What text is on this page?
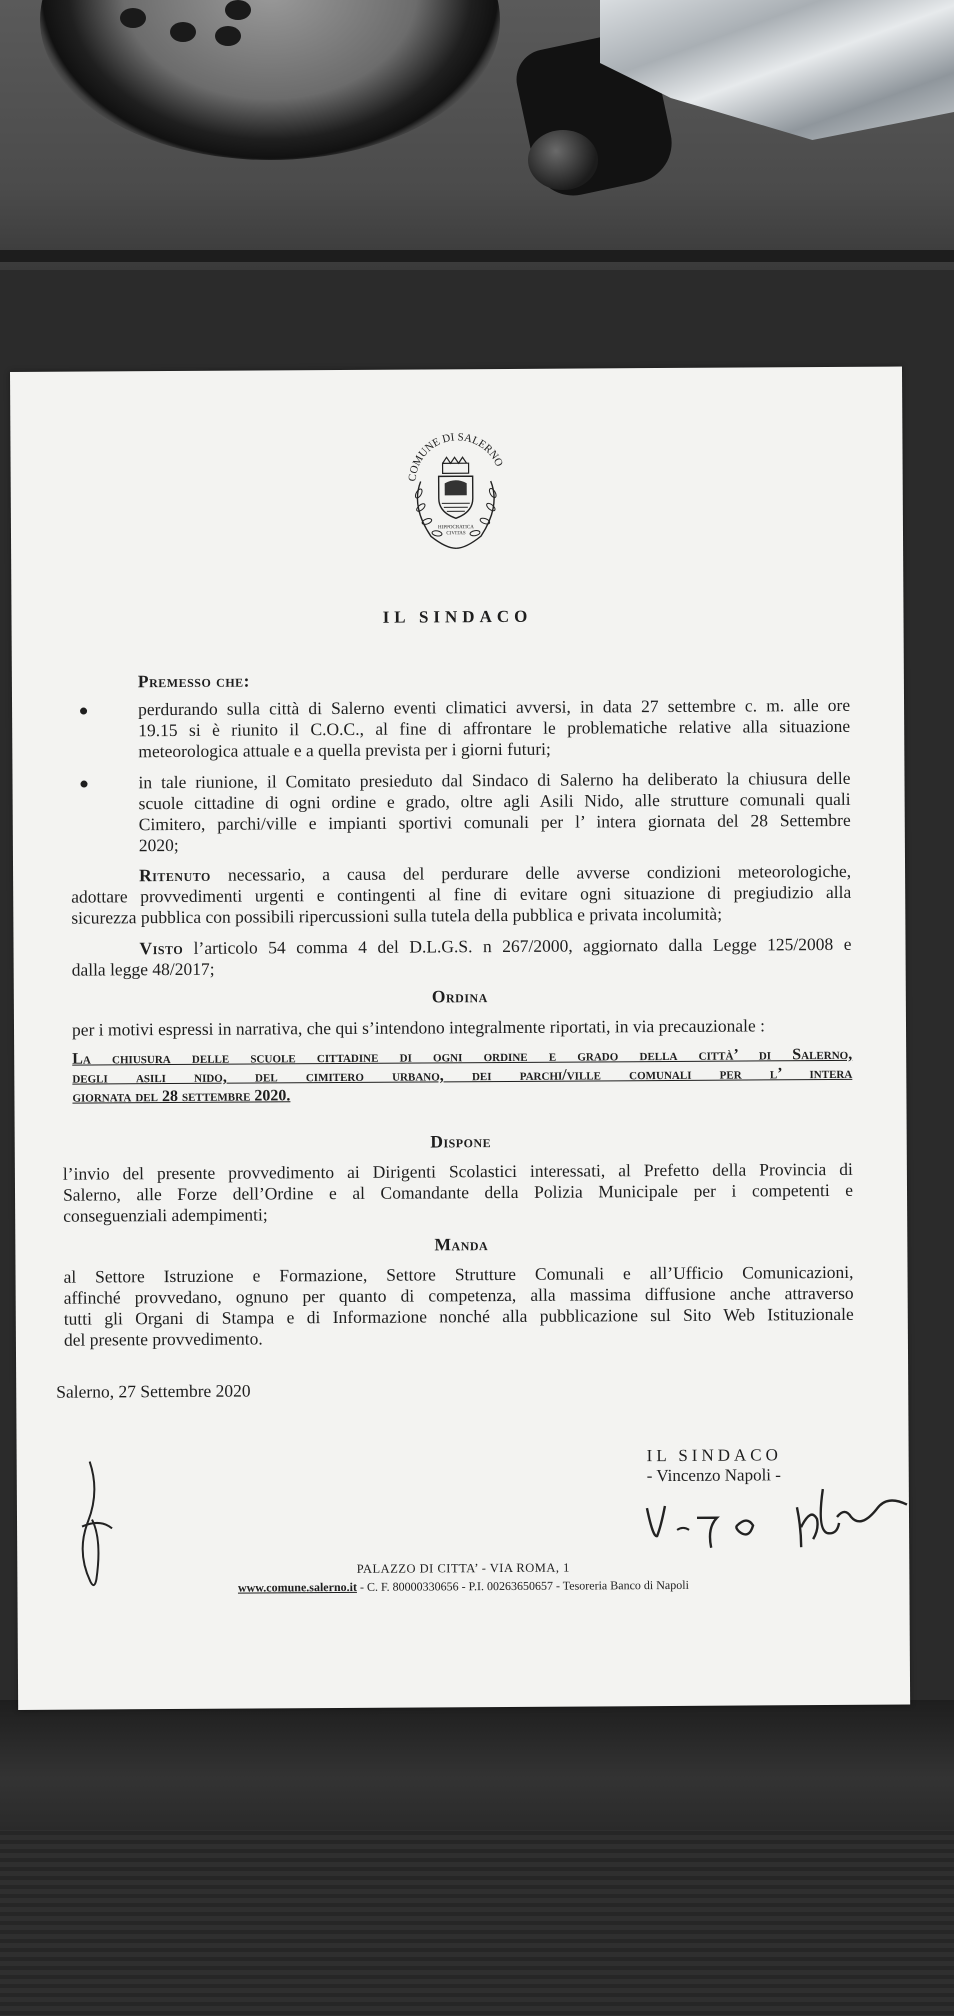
COMUNE DI SALERNO
HIPPOCRATICA
CIVITAS
IL SINDACO
Premesso che:
perdurando sulla città di Salerno eventi climatici avversi, in data 27 settembre c. m. alle ore
19.15 si è riunito il C.O.C., al fine di affrontare le problematiche relative alla situazione
meteorologica attuale e a quella prevista per i giorni futuri;
in tale riunione, il Comitato presieduto dal Sindaco di Salerno ha deliberato la chiusura delle
scuole cittadine di ogni ordine e grado, oltre agli Asili Nido, alle strutture comunali quali
Cimitero, parchi/ville e impianti sportivi comunali per l’ intera giornata del 28 Settembre
2020;
Ritenuto necessario, a causa del perdurare delle avverse condizioni meteorologiche,
adottare provvedimenti urgenti e contingenti al fine di evitare ogni situazione di pregiudizio alla
sicurezza pubblica con possibili ripercussioni sulla tutela della pubblica e privata incolumità;
Visto l’articolo 54 comma 4 del D.L.G.S. n 267/2000, aggiornato dalla Legge 125/2008 e
dalla legge 48/2017;
Ordina
per i motivi espressi in narrativa, che qui s’intendono integralmente riportati, in via precauzionale :
La chiusura delle scuole cittadine di ogni ordine e grado della città’ di Salerno,
degli asili nido, del cimitero urbano, dei parchi/ville comunali per l’ intera
giornata del 28 settembre 2020.
Dispone
l’invio del presente provvedimento ai Dirigenti Scolastici interessati, al Prefetto della Provincia di
Salerno, alle Forze dell’Ordine e al Comandante della Polizia Municipale per i competenti e
conseguenziali adempimenti;
Manda
al Settore Istruzione e Formazione, Settore Strutture Comunali e all’Ufficio Comunicazioni,
affinché provvedano, ognuno per quanto di competenza, alla massima diffusione anche attraverso
tutti gli Organi di Stampa e di Informazione nonché alla pubblicazione sul Sito Web Istituzionale
del presente provvedimento.
Salerno, 27 Settembre 2020
IL SINDACO
- Vincenzo Napoli -
PALAZZO DI CITTA’ - VIA ROMA, 1
www.comune.salerno.it - C. F. 80000330656 - P.I. 00263650657 - Tesoreria Banco di Napoli
